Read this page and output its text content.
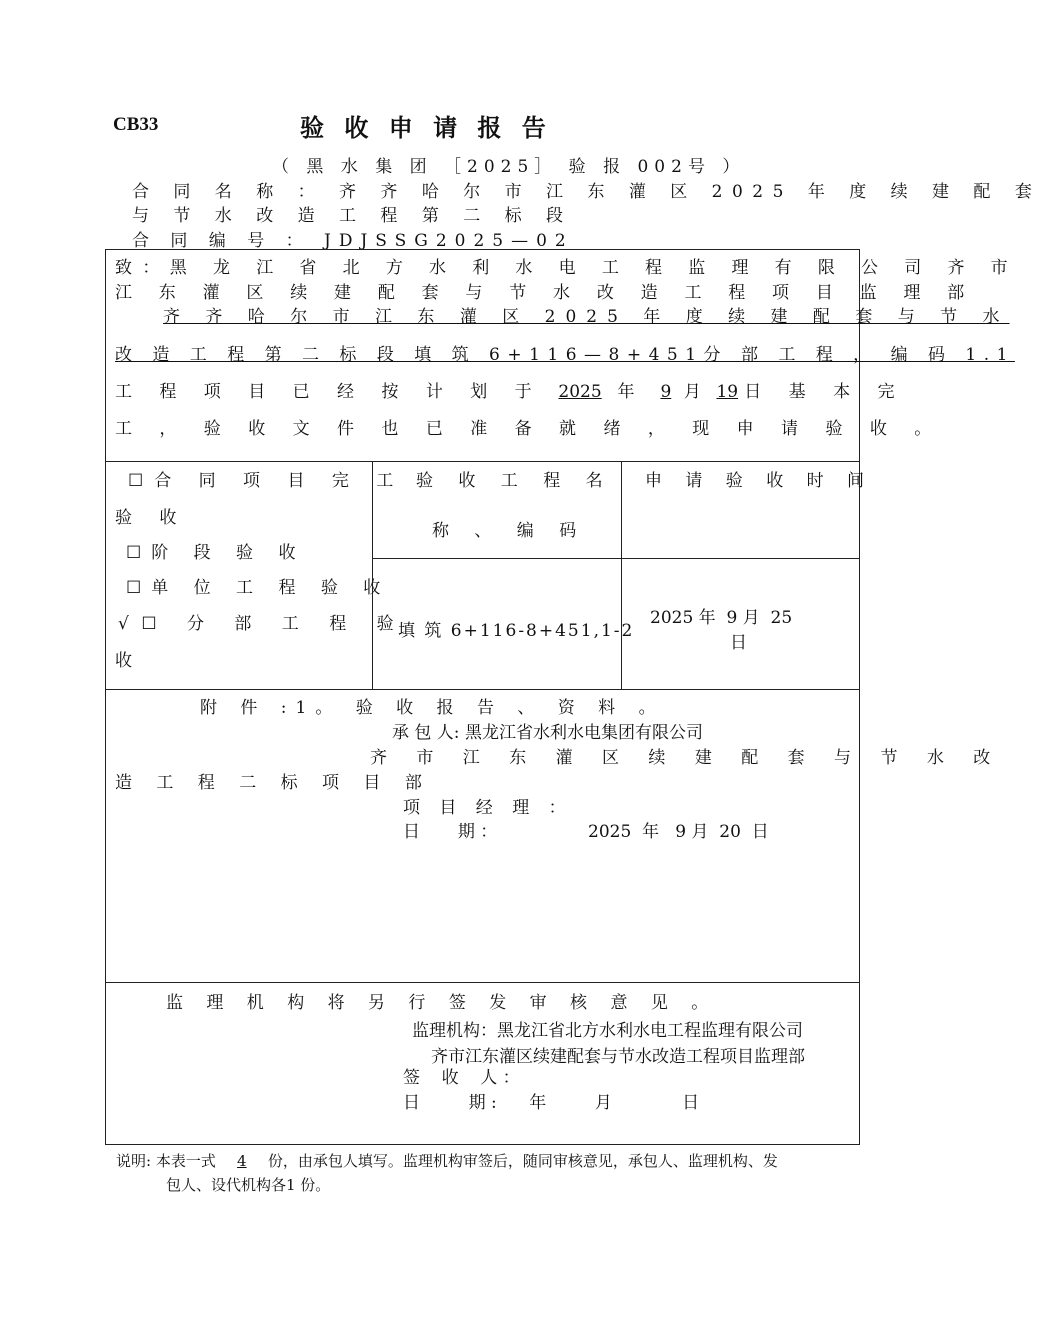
CB33	验 收 申 请 报 告
（ 黑 水 集 团 ［2025］ 验 报 002号 ）
合 同 名 称 ： 齐 齐 哈 尔 市 江 东 灌 区 2025 年 度 续 建 配 套
与 节 水 改 造 工 程 第 二 标 段
合 同 编 号 ： JDJSSG2025—02
致：黑 龙 江 省 北 方 水 利 水 电 工 程 监 理 有 限 公 司 齐 市
江 东 灌 区 续 建 配 套 与 节 水 改 造 工 程 项 目 监 理 部
齐 齐 哈 尔 市 江 东 灌 区 2025 年 度 续 建 配 套 与 节 水
改 造 工 程 第 二 标 段 填 筑 6+116—8+451分 部 工 程 ， 编 码 1.1
工 程 项 目 已 经 按 计 划 于 2025 年 9 月 19 日 基 本 完
工 ， 验 收 文 件 也 已 准 备 就 绪 ， 现 申 请 验 收 。
☐合 同 项 目 完 工
验 收
☐阶 段 验 收
☐单 位 工 程 验 收
√☐ 分 部 工 程 验
收
验 收 工 程 名
称 、 编 码
填 筑 6+116-8+451,1-2
申 请 验 收 时 间
2025 年  9 月  25
日
附 件 :1。 验 收 报 告 、 资 料 。
承 包 人: 黑龙江省水利水电集团有限公司
齐 市 江 东 灌 区 续 建 配 套 与 节 水 改
造 工 程 二 标 项 目 部
项 目 经 理 ：
日       期 ：	2025  年   9 月  20  日
监 理 机 构 将 另 行 签 发 审 核 意 见 。
监理机构：黑龙江省北方水利水电工程监理有限公司
齐市江东灌区续建配套与节水改造工程项目监理部
签    收    人 ：
日         期 :      年         月             日
说明: 本表一式 4 份，由承包人填写。监理机构审签后，随同审核意见，承包人、监理机构、发
包人、设代机构各1 份。
